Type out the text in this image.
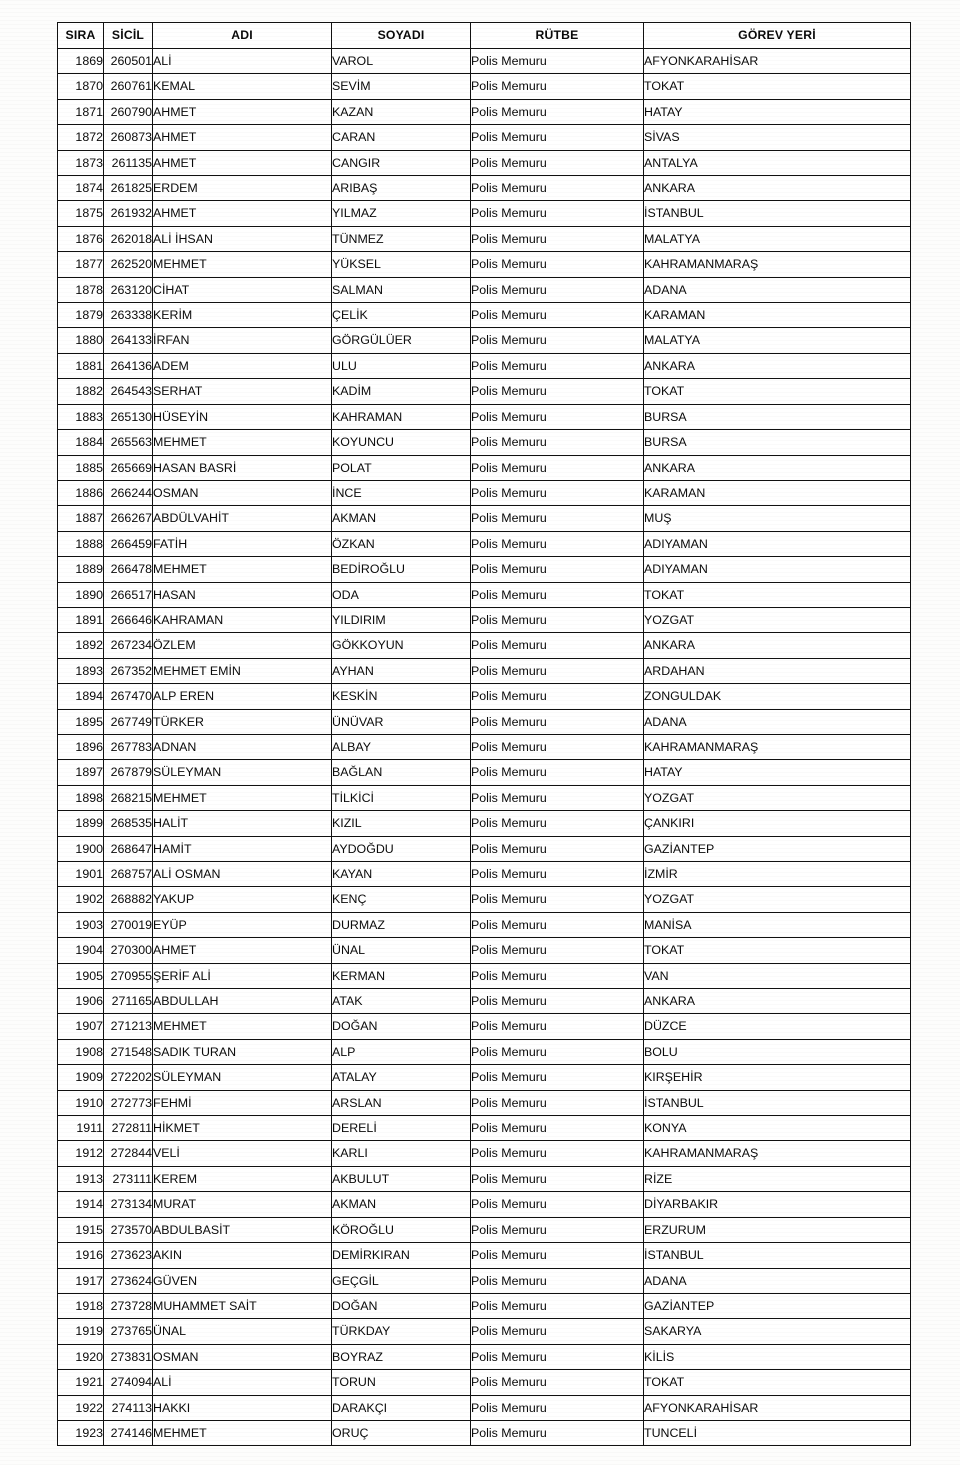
SIRA	SİCİL	ADI	SOYADI	RÜTBE	GÖREV YERİ
1869	260501	ALİ	VAROL	Polis Memuru	AFYONKARAHİSAR
1870	260761	KEMAL	SEVİM	Polis Memuru	TOKAT
1871	260790	AHMET	KAZAN	Polis Memuru	HATAY
1872	260873	AHMET	CARAN	Polis Memuru	SİVAS
1873	261135	AHMET	CANGIR	Polis Memuru	ANTALYA
1874	261825	ERDEM	ARIBAŞ	Polis Memuru	ANKARA
1875	261932	AHMET	YILMAZ	Polis Memuru	İSTANBUL
1876	262018	ALİ İHSAN	TÜNMEZ	Polis Memuru	MALATYA
1877	262520	MEHMET	YÜKSEL	Polis Memuru	KAHRAMANMARAŞ
1878	263120	CİHAT	SALMAN	Polis Memuru	ADANA
1879	263338	KERİM	ÇELİK	Polis Memuru	KARAMAN
1880	264133	İRFAN	GÖRGÜLÜER	Polis Memuru	MALATYA
1881	264136	ADEM	ULU	Polis Memuru	ANKARA
1882	264543	SERHAT	KADİM	Polis Memuru	TOKAT
1883	265130	HÜSEYİN	KAHRAMAN	Polis Memuru	BURSA
1884	265563	MEHMET	KOYUNCU	Polis Memuru	BURSA
1885	265669	HASAN BASRİ	POLAT	Polis Memuru	ANKARA
1886	266244	OSMAN	İNCE	Polis Memuru	KARAMAN
1887	266267	ABDÜLVAHİT	AKMAN	Polis Memuru	MUŞ
1888	266459	FATİH	ÖZKAN	Polis Memuru	ADIYAMAN
1889	266478	MEHMET	BEDİROĞLU	Polis Memuru	ADIYAMAN
1890	266517	HASAN	ODA	Polis Memuru	TOKAT
1891	266646	KAHRAMAN	YILDIRIM	Polis Memuru	YOZGAT
1892	267234	ÖZLEM	GÖKKOYUN	Polis Memuru	ANKARA
1893	267352	MEHMET EMİN	AYHAN	Polis Memuru	ARDAHAN
1894	267470	ALP EREN	KESKİN	Polis Memuru	ZONGULDAK
1895	267749	TÜRKER	ÜNÜVAR	Polis Memuru	ADANA
1896	267783	ADNAN	ALBAY	Polis Memuru	KAHRAMANMARAŞ
1897	267879	SÜLEYMAN	BAĞLAN	Polis Memuru	HATAY
1898	268215	MEHMET	TİLKİCİ	Polis Memuru	YOZGAT
1899	268535	HALİT	KIZIL	Polis Memuru	ÇANKIRI
1900	268647	HAMİT	AYDOĞDU	Polis Memuru	GAZİANTEP
1901	268757	ALİ OSMAN	KAYAN	Polis Memuru	İZMİR
1902	268882	YAKUP	KENÇ	Polis Memuru	YOZGAT
1903	270019	EYÜP	DURMAZ	Polis Memuru	MANİSA
1904	270300	AHMET	ÜNAL	Polis Memuru	TOKAT
1905	270955	ŞERİF ALİ	KERMAN	Polis Memuru	VAN
1906	271165	ABDULLAH	ATAK	Polis Memuru	ANKARA
1907	271213	MEHMET	DOĞAN	Polis Memuru	DÜZCE
1908	271548	SADIK TURAN	ALP	Polis Memuru	BOLU
1909	272202	SÜLEYMAN	ATALAY	Polis Memuru	KIRŞEHİR
1910	272773	FEHMİ	ARSLAN	Polis Memuru	İSTANBUL
1911	272811	HİKMET	DERELİ	Polis Memuru	KONYA
1912	272844	VELİ	KARLI	Polis Memuru	KAHRAMANMARAŞ
1913	273111	KEREM	AKBULUT	Polis Memuru	RİZE
1914	273134	MURAT	AKMAN	Polis Memuru	DİYARBAKIR
1915	273570	ABDULBASİT	KÖROĞLU	Polis Memuru	ERZURUM
1916	273623	AKIN	DEMİRKIRAN	Polis Memuru	İSTANBUL
1917	273624	GÜVEN	GEÇGİL	Polis Memuru	ADANA
1918	273728	MUHAMMET SAİT	DOĞAN	Polis Memuru	GAZİANTEP
1919	273765	ÜNAL	TÜRKDAY	Polis Memuru	SAKARYA
1920	273831	OSMAN	BOYRAZ	Polis Memuru	KİLİS
1921	274094	ALİ	TORUN	Polis Memuru	TOKAT
1922	274113	HAKKI	DARAKÇI	Polis Memuru	AFYONKARAHİSAR
1923	274146	MEHMET	ORUÇ	Polis Memuru	TUNCELİ
